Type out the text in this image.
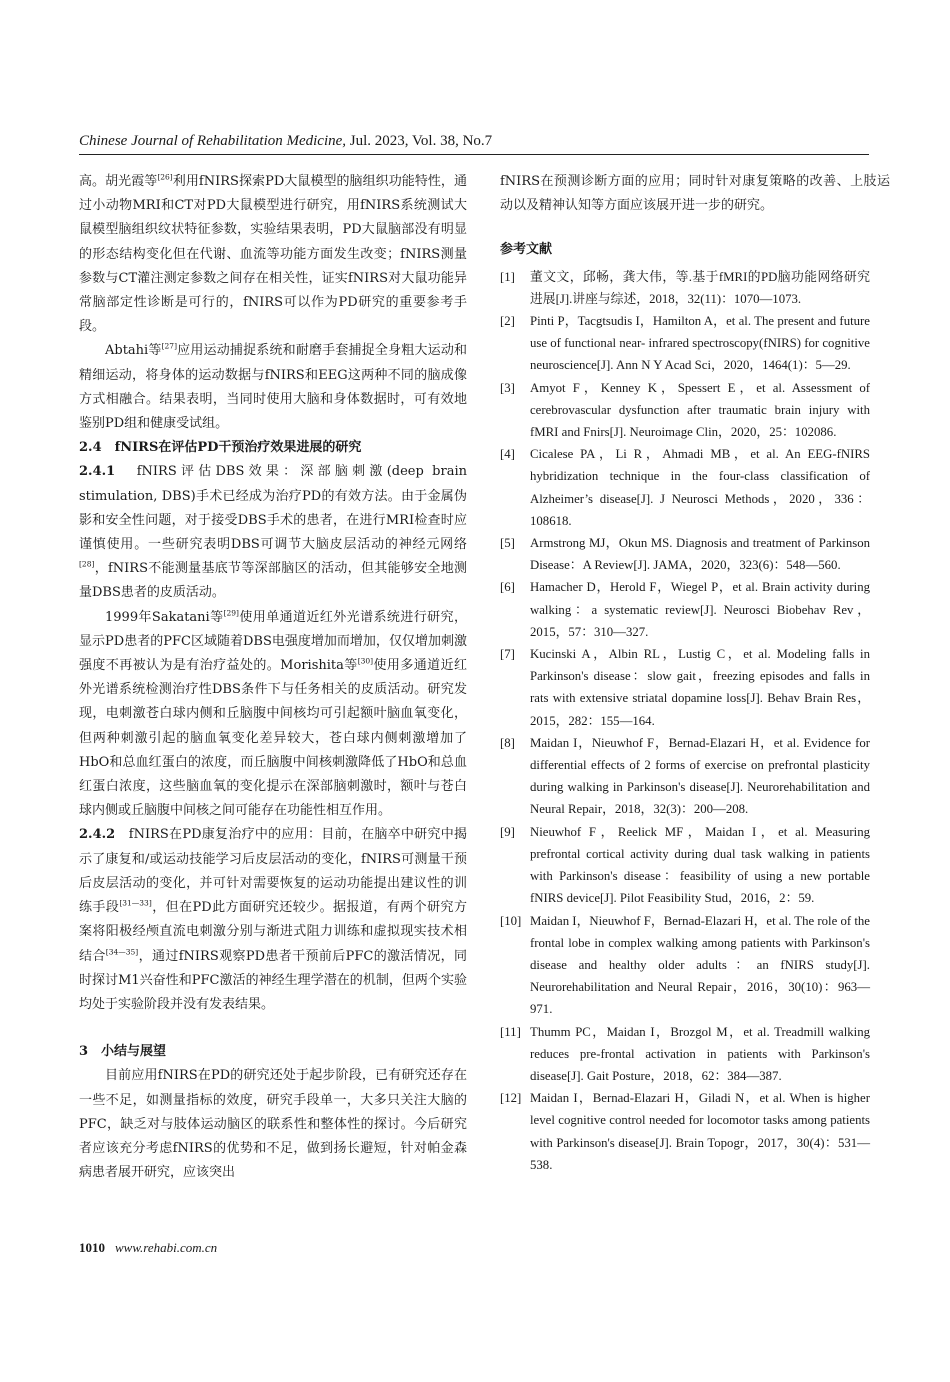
Chinese Journal of Rehabilitation Medicine, Jul. 2023, Vol. 38, No.7

高。胡光霞等[26]利用fNIRS探索PD大鼠模型的脑组织功能特性，通过小动物MRI和CT对PD大鼠模型进行研究，用fNIRS系统测试大鼠模型脑组织纹状特征参数，实验结果表明，PD大鼠脑部没有明显的形态结构变化但在代谢、血流等功能方面发生改变；fNIRS测量参数与CT灌注测定参数之间存在相关性，证实fNIRS对大鼠功能异常脑部定性诊断是可行的，fNIRS可以作为PD研究的重要参考手段。

Abtahi等[27]应用运动捕捉系统和耐磨手套捕捉全身粗大运动和精细运动，将身体的运动数据与fNIRS和EEG这两种不同的脑成像方式相融合。结果表明，当同时使用大脑和身体数据时，可有效地鉴别PD组和健康受试组。

2.4　fNIRS在评估PD干预治疗效果进展的研究

2.4.1　fNIRS评估DBS效果：深部脑刺激(deep brain stimulation, DBS)手术已经成为治疗PD的有效方法。由于金属伪影和安全性问题，对于接受DBS手术的患者，在进行MRI检查时应谨慎使用。一些研究表明DBS可调节大脑皮层活动的神经元网络[28]，fNIRS不能测量基底节等深部脑区的活动，但其能够安全地测量DBS患者的皮质活动。

1999年Sakatani等[29]使用单通道近红外光谱系统进行研究，显示PD患者的PFC区域随着DBS电强度增加而增加，仅仅增加刺激强度不再被认为是有治疗益处的。Morishita等[30]使用多通道近红外光谱系统检测治疗性DBS条件下与任务相关的皮质活动。研究发现，电刺激苍白球内侧和丘脑腹中间核均可引起额叶脑血氧变化，但两种刺激引起的脑血氧变化差异较大，苍白球内侧刺激增加了HbO和总血红蛋白的浓度，而丘脑腹中间核刺激降低了HbO和总血红蛋白浓度，这些脑血氧的变化提示在深部脑刺激时，额叶与苍白球内侧或丘脑腹中间核之间可能存在功能性相互作用。

2.4.2　fNIRS在PD康复治疗中的应用：目前，在脑卒中研究中揭示了康复和/或运动技能学习后皮层活动的变化，fNIRS可测量干预后皮层活动的变化，并可针对需要恢复的运动功能提出建议性的训练手段[31—33]，但在PD此方面研究还较少。据报道，有两个研究方案将阳极经颅直流电刺激分别与渐进式阻力训练和虚拟现实技术相结合[34—35]，通过fNIRS观察PD患者干预前后PFC的激活情况，同时探讨M1兴奋性和PFC激活的神经生理学潜在的机制，但两个实验均处于实验阶段并没有发表结果。

3　小结与展望

目前应用fNIRS在PD的研究还处于起步阶段，已有研究还存在一些不足，如测量指标的效度，研究手段单一，大多只关注大脑的PFC，缺乏对与肢体运动脑区的联系性和整体性的探讨。今后研究者应该充分考虑fNIRS的优势和不足，做到扬长避短，针对帕金森病患者展开研究，应该突出

fNIRS在预测诊断方面的应用；同时针对康复策略的改善、上肢运动以及精神认知等方面应该展开进一步的研究。

参考文献

[1]	董文文，邱畅，龚大伟，等.基于fMRI的PD脑功能网络研究进展[J].讲座与综述，2018，32(11)：1070—1073.
[2]	Pinti P，Tacgtsudis I，Hamilton A，et al. The present and future use of functional near- infrared spectroscopy(fNIRS) for cognitive neuroscience[J]. Ann N Y Acad Sci，2020，1464(1)：5—29.
[3]	Amyot F，Kenney K，Spessert E，et al. Assessment of cerebrovascular dysfunction after traumatic brain injury with fMRI and Fnirs[J]. Neuroimage Clin，2020，25：102086.
[4]	Cicalese PA，Li R，Ahmadi MB，et al. An EEG-fNIRS hybridization technique in the four-class classification of Alzheimer’s disease[J]. J Neurosci Methods，2020，336：108618.
[5]	Armstrong MJ，Okun MS. Diagnosis and treatment of Parkinson Disease：A Review[J]. JAMA，2020，323(6)：548—560.
[6]	Hamacher D，Herold F，Wiegel P，et al. Brain activity during walking：a systematic review[J]. Neurosci Biobehav Rev，2015，57：310—327.
[7]	Kucinski A，Albin RL，Lustig C，et al. Modeling falls in Parkinson's disease：slow gait，freezing episodes and falls in rats with extensive striatal dopamine loss[J]. Behav Brain Res，2015，282：155—164.
[8]	Maidan I，Nieuwhof F，Bernad-Elazari H，et al. Evidence for differential effects of 2 forms of exercise on prefrontal plasticity during walking in Parkinson's disease[J]. Neurorehabilitation and Neural Repair，2018，32(3)：200—208.
[9]	Nieuwhof F，Reelick MF，Maidan I，et al. Measuring prefrontal cortical activity during dual task walking in patients with Parkinson's disease：feasibility of using a new portable fNIRS device[J]. Pilot Feasibility Stud，2016，2：59.
[10] Maidan I，Nieuwhof F，Bernad-Elazari H，et al. The role of the frontal lobe in complex walking among patients with Parkinson's disease and healthy older adults：an fNIRS study[J]. Neurorehabilitation and Neural Repair，2016，30(10)：963—971.
[11] Thumm PC，Maidan I，Brozgol M，et al. Treadmill walking reduces pre-frontal activation in patients with Parkinson's disease[J]. Gait Posture，2018，62：384—387.
[12] Maidan I，Bernad-Elazari H，Giladi N，et al. When is higher level cognitive control needed for locomotor tasks among patients with Parkinson's disease[J]. Brain Topogr，2017，30(4)：531—538.
1010 www.rehabi.com.cn
